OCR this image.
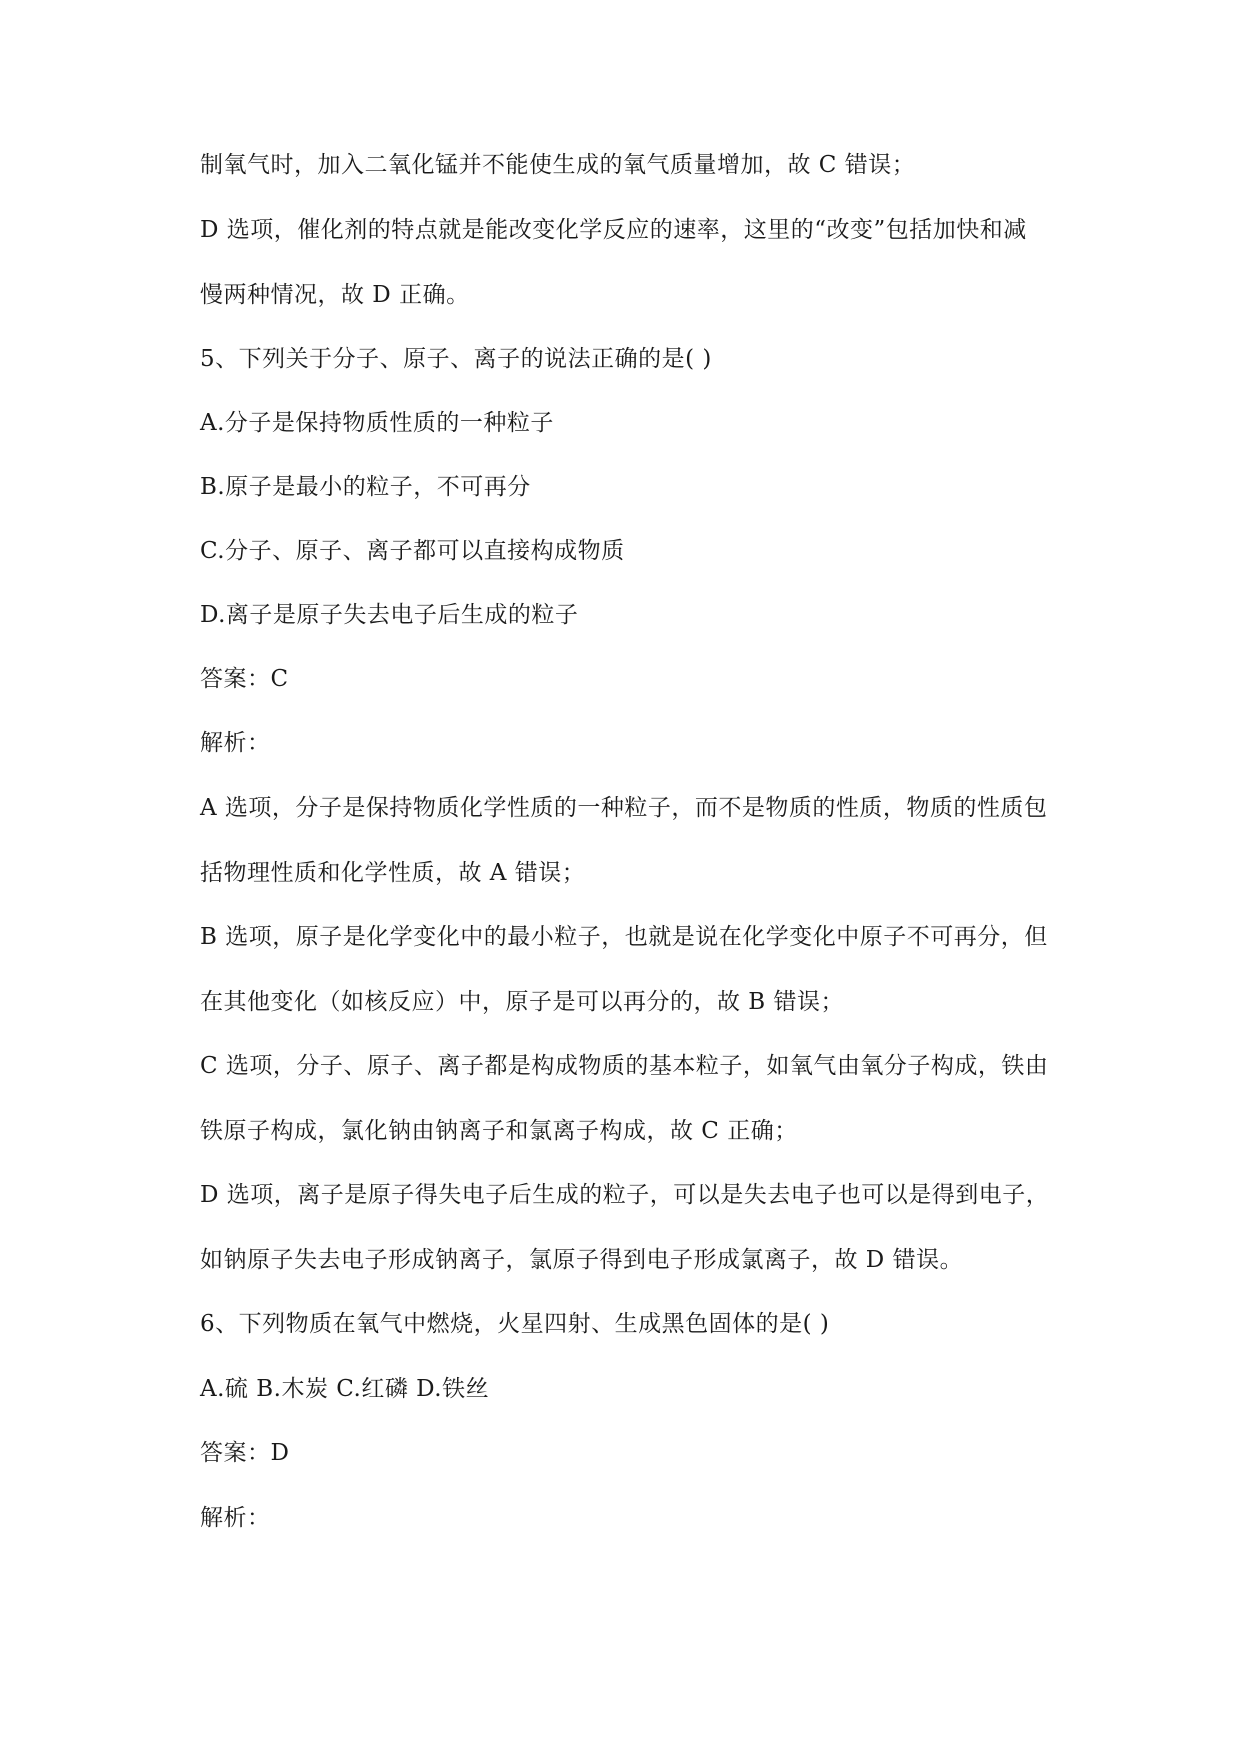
制氧气时，加入二氧化锰并不能使生成的氧气质量增加，故 C 错误；
D 选项，催化剂的特点就是能改变化学反应的速率，这里的“改变”包括加快和减
慢两种情况，故 D 正确。
5、下列关于分子、原子、离子的说法正确的是( )
A.分子是保持物质性质的一种粒子
B.原子是最小的粒子，不可再分
C.分子、原子、离子都可以直接构成物质
D.离子是原子失去电子后生成的粒子
答案：C
解析：
A 选项，分子是保持物质化学性质的一种粒子，而不是物质的性质，物质的性质包
括物理性质和化学性质，故 A 错误；
B 选项，原子是化学变化中的最小粒子，也就是说在化学变化中原子不可再分，但
在其他变化（如核反应）中，原子是可以再分的，故 B 错误；
C 选项，分子、原子、离子都是构成物质的基本粒子，如氧气由氧分子构成，铁由
铁原子构成，氯化钠由钠离子和氯离子构成，故 C 正确；
D 选项，离子是原子得失电子后生成的粒子，可以是失去电子也可以是得到电子，
如钠原子失去电子形成钠离子，氯原子得到电子形成氯离子，故 D 错误。
6、下列物质在氧气中燃烧，火星四射、生成黑色固体的是( )
A.硫 B.木炭 C.红磷 D.铁丝
答案：D
解析：
